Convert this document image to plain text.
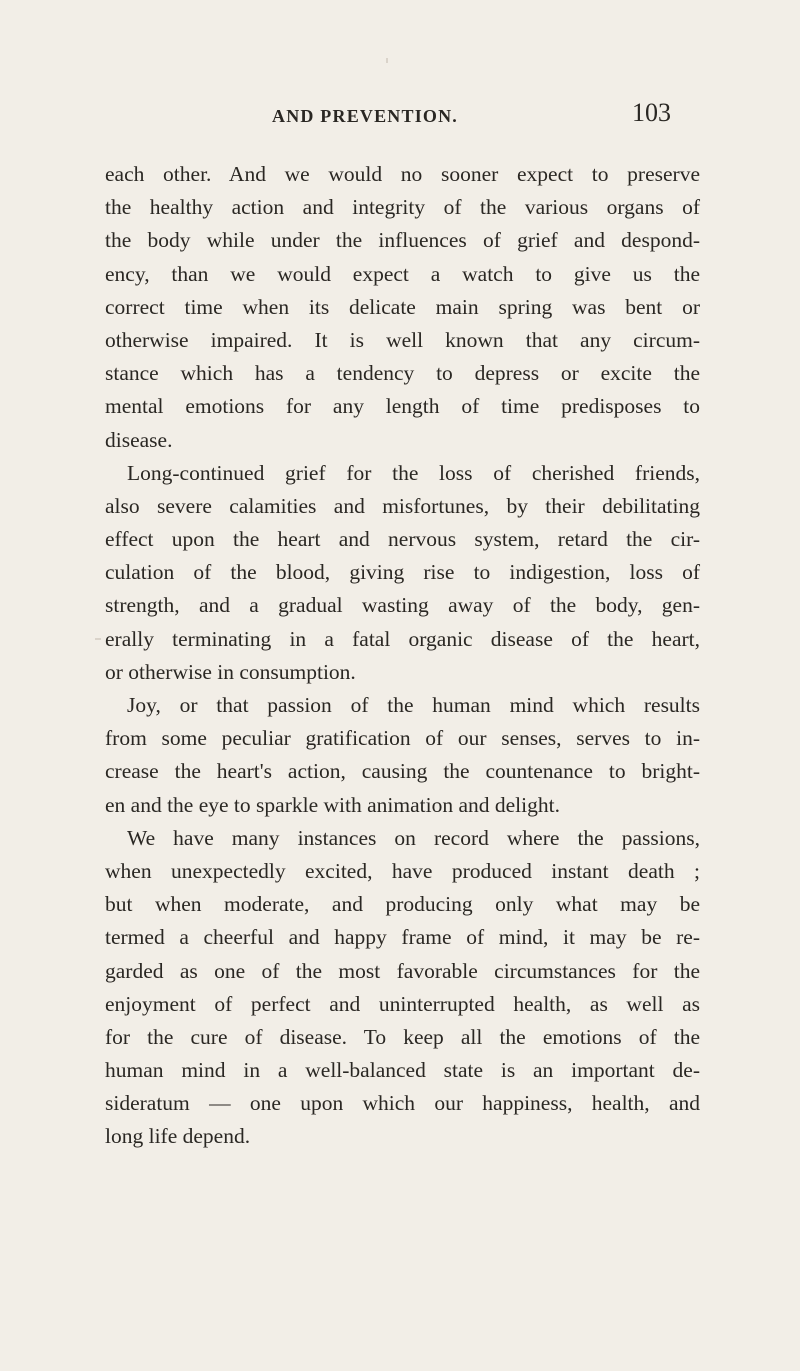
AND PREVENTION.	103
each other. And we would no sooner expect to preserve
the healthy action and integrity of the various organs of
the body while under the influences of grief and despond-
ency, than we would expect a watch to give us the
correct time when its delicate main spring was bent or
otherwise impaired. It is well known that any circum-
stance which has a tendency to depress or excite the
mental emotions for any length of time predisposes to
disease.
Long-continued grief for the loss of cherished friends,
also severe calamities and misfortunes, by their debilitating
effect upon the heart and nervous system, retard the cir-
culation of the blood, giving rise to indigestion, loss of
strength, and a gradual wasting away of the body, gen-
erally terminating in a fatal organic disease of the heart,
or otherwise in consumption.
Joy, or that passion of the human mind which results
from some peculiar gratification of our senses, serves to in-
crease the heart's action, causing the countenance to bright-
en and the eye to sparkle with animation and delight.
We have many instances on record where the passions,
when unexpectedly excited, have produced instant death ;
but when moderate, and producing only what may be
termed a cheerful and happy frame of mind, it may be re-
garded as one of the most favorable circumstances for the
enjoyment of perfect and uninterrupted health, as well as
for the cure of disease. To keep all the emotions of the
human mind in a well-balanced state is an important de-
sideratum — one upon which our happiness, health, and
long life depend.
